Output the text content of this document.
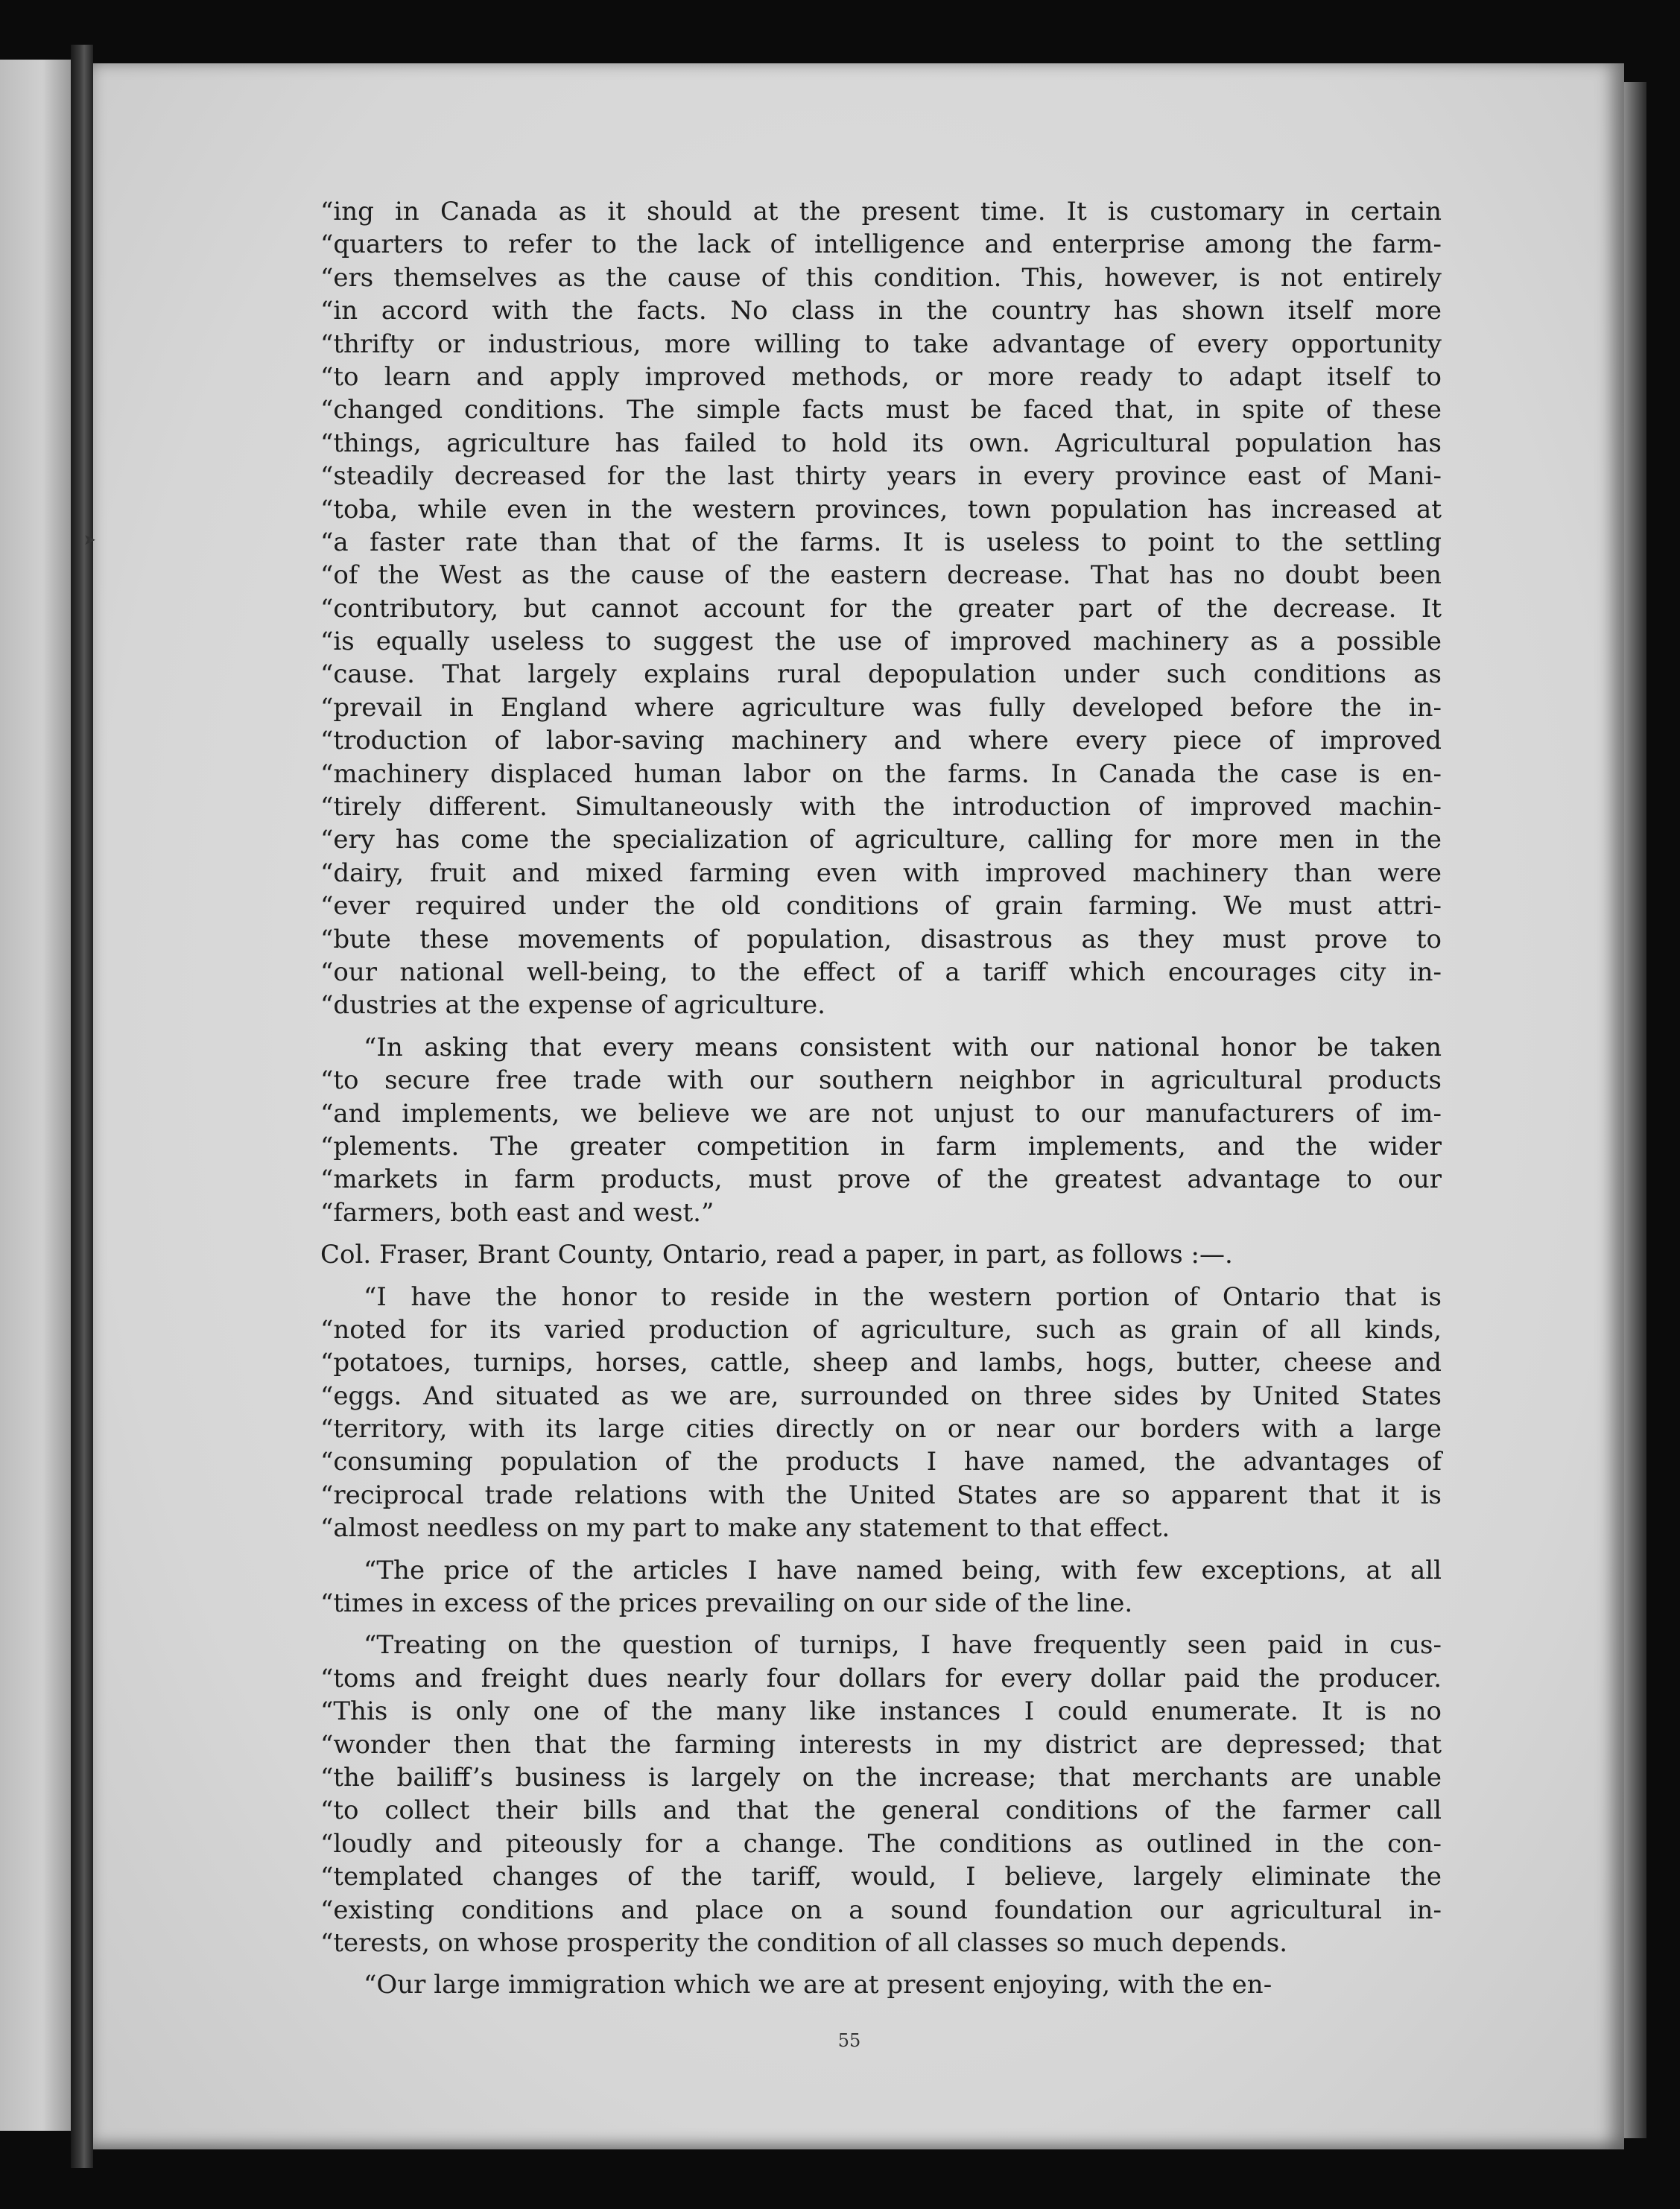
➤
“ing in Canada as it should at the present time. It is customary in certain
“quarters to refer to the lack of intelligence and enterprise among the farm-
“ers themselves as the cause of this condition. This, however, is not entirely
“in accord with the facts. No class in the country has shown itself more
“thrifty or industrious, more willing to take advantage of every opportunity
“to learn and apply improved methods, or more ready to adapt itself to
“changed conditions. The simple facts must be faced that, in spite of these
“things, agriculture has failed to hold its own. Agricultural population has
“steadily decreased for the last thirty years in every province east of Mani-
“toba, while even in the western provinces, town population has increased at
“a faster rate than that of the farms. It is useless to point to the settling
“of the West as the cause of the eastern decrease. That has no doubt been
“contributory, but cannot account for the greater part of the decrease. It
“is equally useless to suggest the use of improved machinery as a possible
“cause. That largely explains rural depopulation under such conditions as
“prevail in England where agriculture was fully developed before the in-
“troduction of labor-saving machinery and where every piece of improved
“machinery displaced human labor on the farms. In Canada the case is en-
“tirely different. Simultaneously with the introduction of improved machin-
“ery has come the specialization of agriculture, calling for more men in the
“dairy, fruit and mixed farming even with improved machinery than were
“ever required under the old conditions of grain farming. We must attri-
“bute these movements of population, disastrous as they must prove to
“our national well-being, to the effect of a tariff which encourages city in-
“dustries at the expense of agriculture.
“In asking that every means consistent with our national honor be taken
“to secure free trade with our southern neighbor in agricultural products
“and implements, we believe we are not unjust to our manufacturers of im-
“plements. The greater competition in farm implements, and the wider
“markets in farm products, must prove of the greatest advantage to our
“farmers, both east and west.”
Col. Fraser, Brant County, Ontario, read a paper, in part, as follows :—.
“I have the honor to reside in the western portion of Ontario that is
“noted for its varied production of agriculture, such as grain of all kinds,
“potatoes, turnips, horses, cattle, sheep and lambs, hogs, butter, cheese and
“eggs. And situated as we are, surrounded on three sides by United States
“territory, with its large cities directly on or near our borders with a large
“consuming population of the products I have named, the advantages of
“reciprocal trade relations with the United States are so apparent that it is
“almost needless on my part to make any statement to that effect.
“The price of the articles I have named being, with few exceptions, at all
“times in excess of the prices prevailing on our side of the line.
“Treating on the question of turnips, I have frequently seen paid in cus-
“toms and freight dues nearly four dollars for every dollar paid the producer.
“This is only one of the many like instances I could enumerate. It is no
“wonder then that the farming interests in my district are depressed; that
“the bailiff’s business is largely on the increase; that merchants are unable
“to collect their bills and that the general conditions of the farmer call
“loudly and piteously for a change. The conditions as outlined in the con-
“templated changes of the tariff, would, I believe, largely eliminate the
“existing conditions and place on a sound foundation our agricultural in-
“terests, on whose prosperity the condition of all classes so much depends.
“Our large immigration which we are at present enjoying, with the en-
55
